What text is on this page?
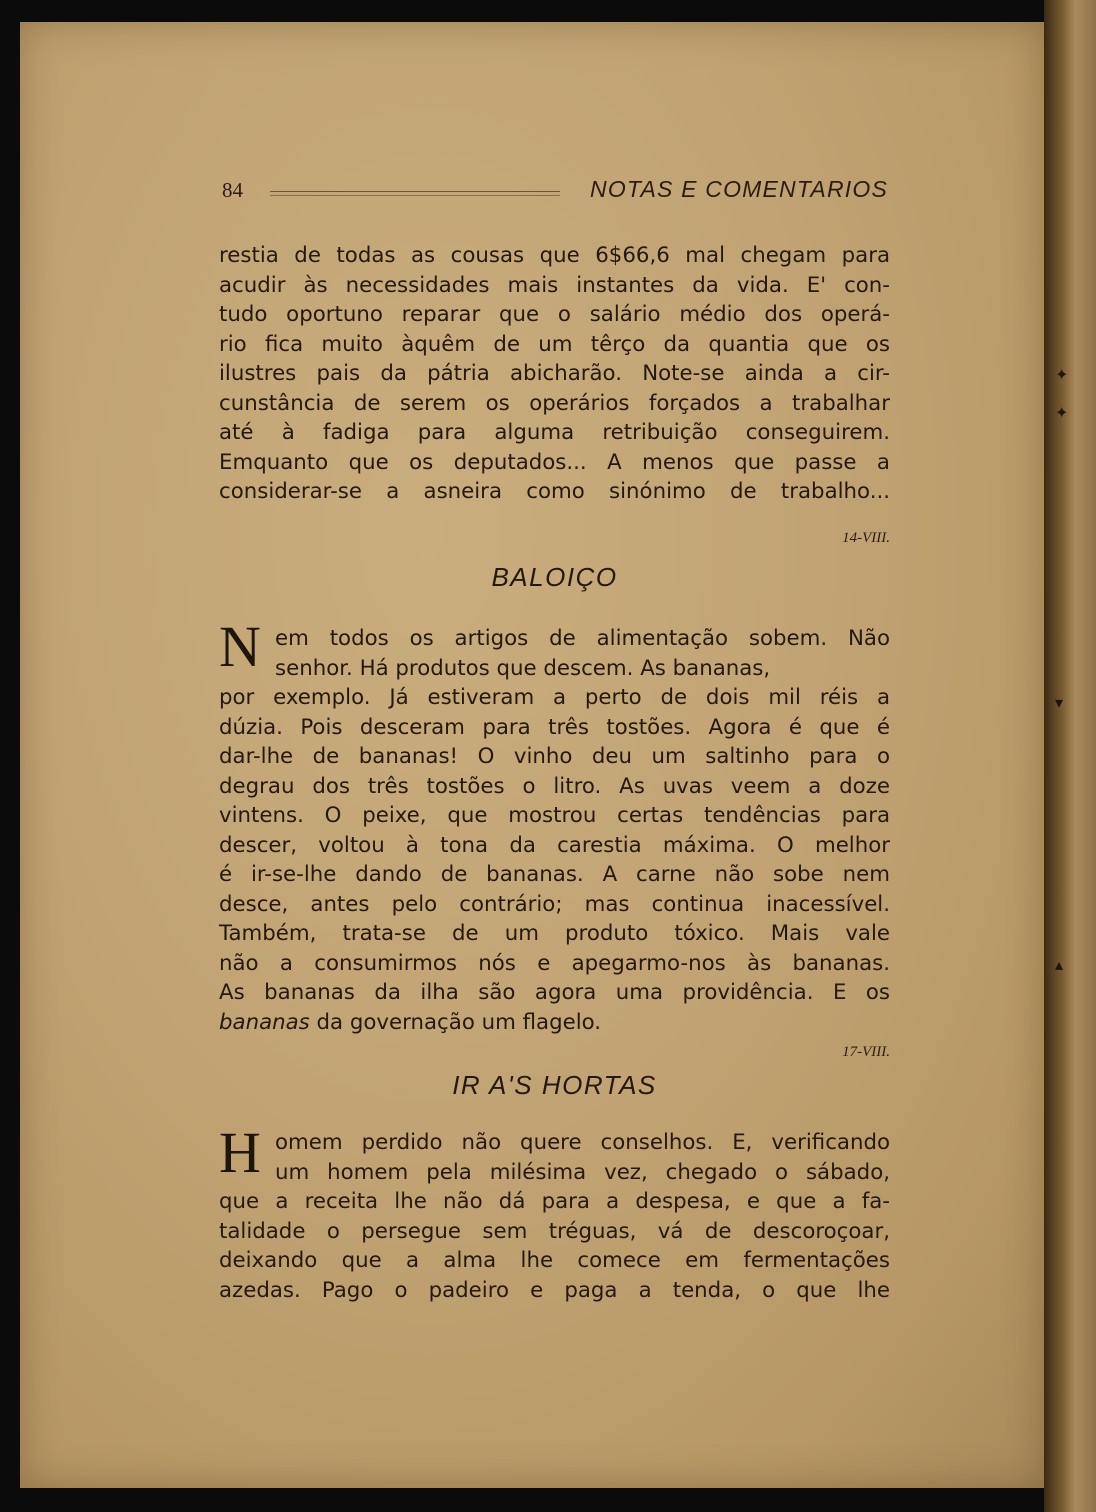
✦
✦
▾
▴
84	NOTAS E COMENTARIOS
restia de todas as cousas que 6$66,6 mal chegam para
acudir às necessidades mais instantes da vida. E' con-
tudo oportuno reparar que o salário médio dos operá-
rio fica muito àquêm de um têrço da quantia que os
ilustres pais da pátria abicharão. Note-se ainda a cir-
cunstância de serem os operários forçados a trabalhar
até à fadiga para alguma retribuição conseguirem.
Emquanto que os deputados... A menos que passe a
considerar-se a asneira como sinónimo de trabalho...
14-VIII.
BALOIÇO
N em todos os artigos de alimentação sobem. Não
senhor. Há produtos que descem. As bananas,
por exemplo. Já estiveram a perto de dois mil réis a
dúzia. Pois desceram para três tostões. Agora é que é
dar-lhe de bananas! O vinho deu um saltinho para o
degrau dos três tostões o litro. As uvas veem a doze
vintens. O peixe, que mostrou certas tendências para
descer, voltou à tona da carestia máxima. O melhor
é ir-se-lhe dando de bananas. A carne não sobe nem
desce, antes pelo contrário; mas continua inacessível.
Também, trata-se de um produto tóxico. Mais vale
não a consumirmos nós e apegarmo-nos às bananas.
As bananas da ilha são agora uma providência. E os
bananas da governação um flagelo.
17-VIII.
IR A'S HORTAS
H omem perdido não quere conselhos. E, verificando
um homem pela milésima vez, chegado o sábado,
que a receita lhe não dá para a despesa, e que a fa-
talidade o persegue sem tréguas, vá de descoroçoar,
deixando que a alma lhe comece em fermentações
azedas. Pago o padeiro e paga a tenda, o que lhe
